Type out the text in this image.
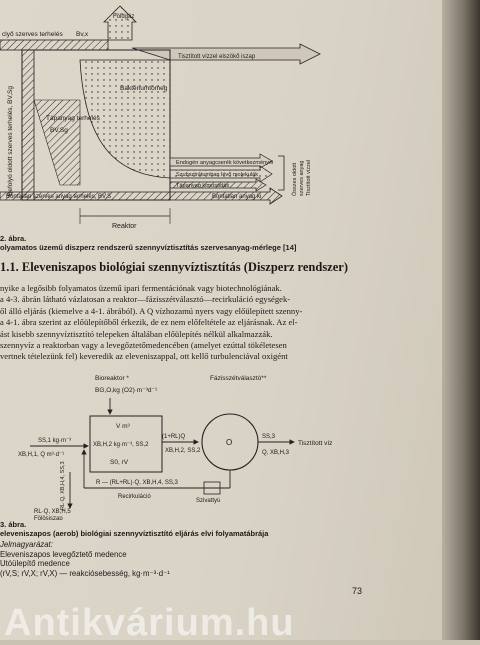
clyő szerves terhelés Bv,x
Földgáz
Tisztított vízzel elszökő iszap
Baktériumtömeg
Tápanyag terhelés
BV,Sg
Befolyó oldott szerves terhelés, BV,Sg	Endogén anyagcserék következményei
Szubsztrátumban lévő molekulák
Tápanyag kimosódás
Bontatlan szerves anyag terhelés, BV,S	Bontatlan anyag ki
Reaktor
Összes oldott szerves anyag Tisztított vízzel
2. ábra.
olyamatos üzemű diszperz rendszerű szennyvíztisztítás szervesanyag-mérlege [14]
1.1. Eleveniszapos biológiai szennyvíztisztítás (Diszperz rendszer)
nyike a legősibb folyamatos üzemű ipari fermentációnak vagy biotechnológiának.
a 4-3. ábrán látható vázlatosan a reaktor—fázisszétválasztó—recirkuláció egységek-
ől álló eljárás (kiemelve a 4-1. ábrából). A Q vízhozamú nyers vagy előülepített szenny-
a 4-1. ábra szerint az előülepítőből érkezik, de ez nem előfeltétele az eljárásnak. Az el-
ást kisebb szennyvíztisztító telepeken általában előülepítés nélkül alkalmazzák.
szennyvíz a reaktorban vagy a levegőztetőmedencében (amelyet ezúttal tökéletesen
vertnek tételezünk fel) keveredik az eleveniszappal, ott kellő turbulenciával oxigént
Bioreaktor *
BG,O,kg (O2)·m⁻³d⁻¹
Fázisszétválasztó**
V m³
XB,H,2 kg·m⁻³, SS,2
S0, rV
SS,1 kg·m⁻³
XB,H,1, Q m³·d⁻¹
(1+RL)Q
XB,H,2, SS,2
O
SS,3
Q, XB,H,3
Tisztított víz
R — (RL+RL)·Q, XB,H,4, SS,3
Recirkuláció
Szivattyú
RL·Q, XB,H,4, SS,3
RL·Q, XB,H,5
Fölösiszap
3. ábra.
eleveniszapos (aerob) biológiai szennyvíztisztító eljárás elvi folyamatábrája
Jelmagyarázat:
Eleveniszapos levegőztető medence
Utóülepítő medence
(rV,S; rV,X; rV,X) — reakciósebesség, kg·m⁻³·d⁻¹
73
Antikvárium.hu
